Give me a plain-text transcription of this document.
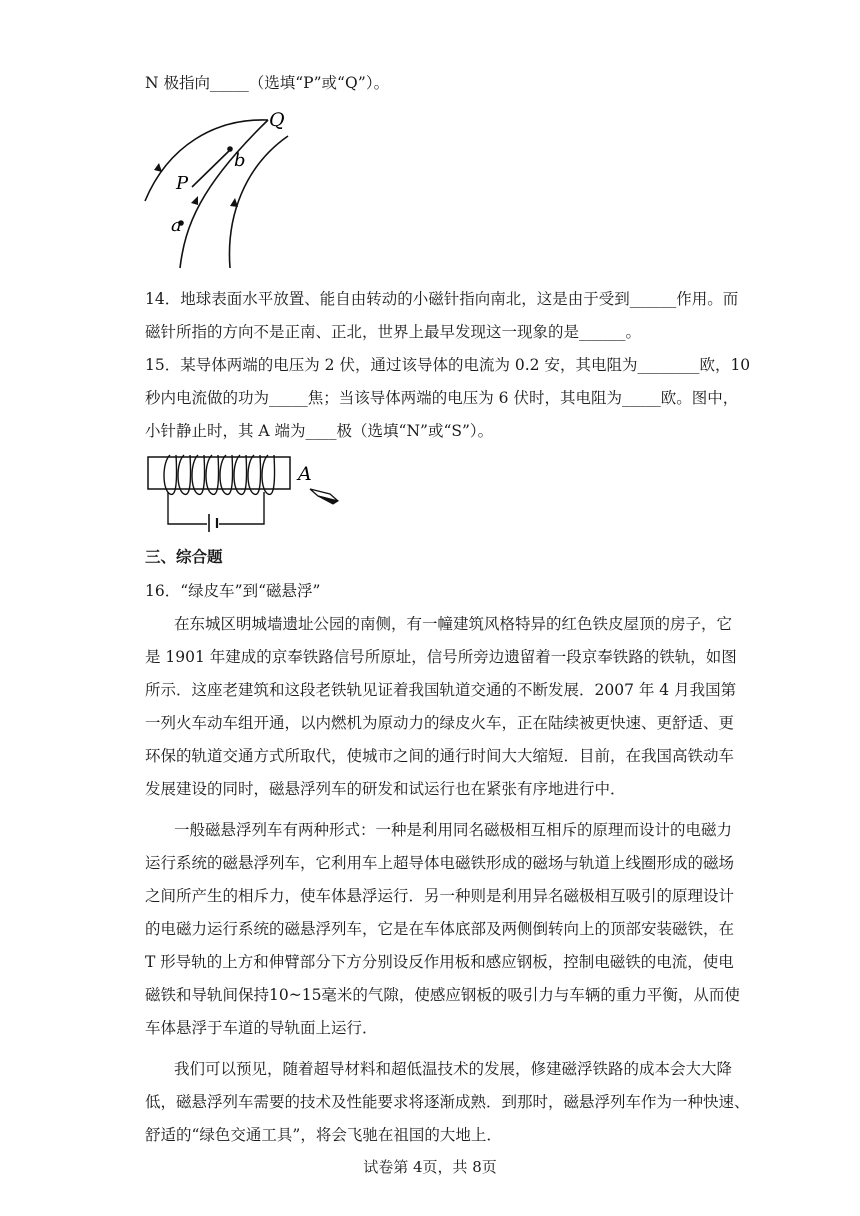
N 极指向_____（选填“P”或“Q”）。
Q
b
P
a
14．地球表面水平放置、能自由转动的小磁针指向南北，这是由于受到______作用。而
磁针所指的方向不是正南、正北，世界上最早发现这一现象的是______。
15．某导体两端的电压为 2 伏，通过该导体的电流为 0.2 安，其电阻为________欧，10
秒内电流做的功为_____焦；当该导体两端的电压为 6 伏时，其电阻为_____欧。图中，
小针静止时，其 A 端为____极（选填“N”或“S”）。
A
三、综合题
16．“绿皮车”到“磁悬浮”
在东城区明城墙遗址公园的南侧，有一幢建筑风格特异的红色铁皮屋顶的房子，它
是 1901 年建成的京奉铁路信号所原址，信号所旁边遗留着一段京奉铁路的铁轨，如图
所示．这座老建筑和这段老铁轨见证着我国轨道交通的不断发展．2007 年 4 月我国第
一列火车动车组开通，以内燃机为原动力的绿皮火车，正在陆续被更快速、更舒适、更
环保的轨道交通方式所取代，使城市之间的通行时间大大缩短．目前，在我国高铁动车
发展建设的同时，磁悬浮列车的研发和试运行也在紧张有序地进行中．
一般磁悬浮列车有两种形式：一种是利用同名磁极相互相斥的原理而设计的电磁力
运行系统的磁悬浮列车，它利用车上超导体电磁铁形成的磁场与轨道上线圈形成的磁场
之间所产生的相斥力，使车体悬浮运行．另一种则是利用异名磁极相互吸引的原理设计
的电磁力运行系统的磁悬浮列车，它是在车体底部及两侧倒转向上的顶部安装磁铁，在
T 形导轨的上方和伸臂部分下方分别设反作用板和感应钢板，控制电磁铁的电流，使电
磁铁和导轨间保持10~15毫米的气隙，使感应钢板的吸引力与车辆的重力平衡，从而使
车体悬浮于车道的导轨面上运行．
我们可以预见，随着超导材料和超低温技术的发展，修建磁浮铁路的成本会大大降
低，磁悬浮列车需要的技术及性能要求将逐渐成熟．到那时，磁悬浮列车作为一种快速、
舒适的“绿色交通工具”，将会飞驰在祖国的大地上．
试卷第 4页，共 8页
